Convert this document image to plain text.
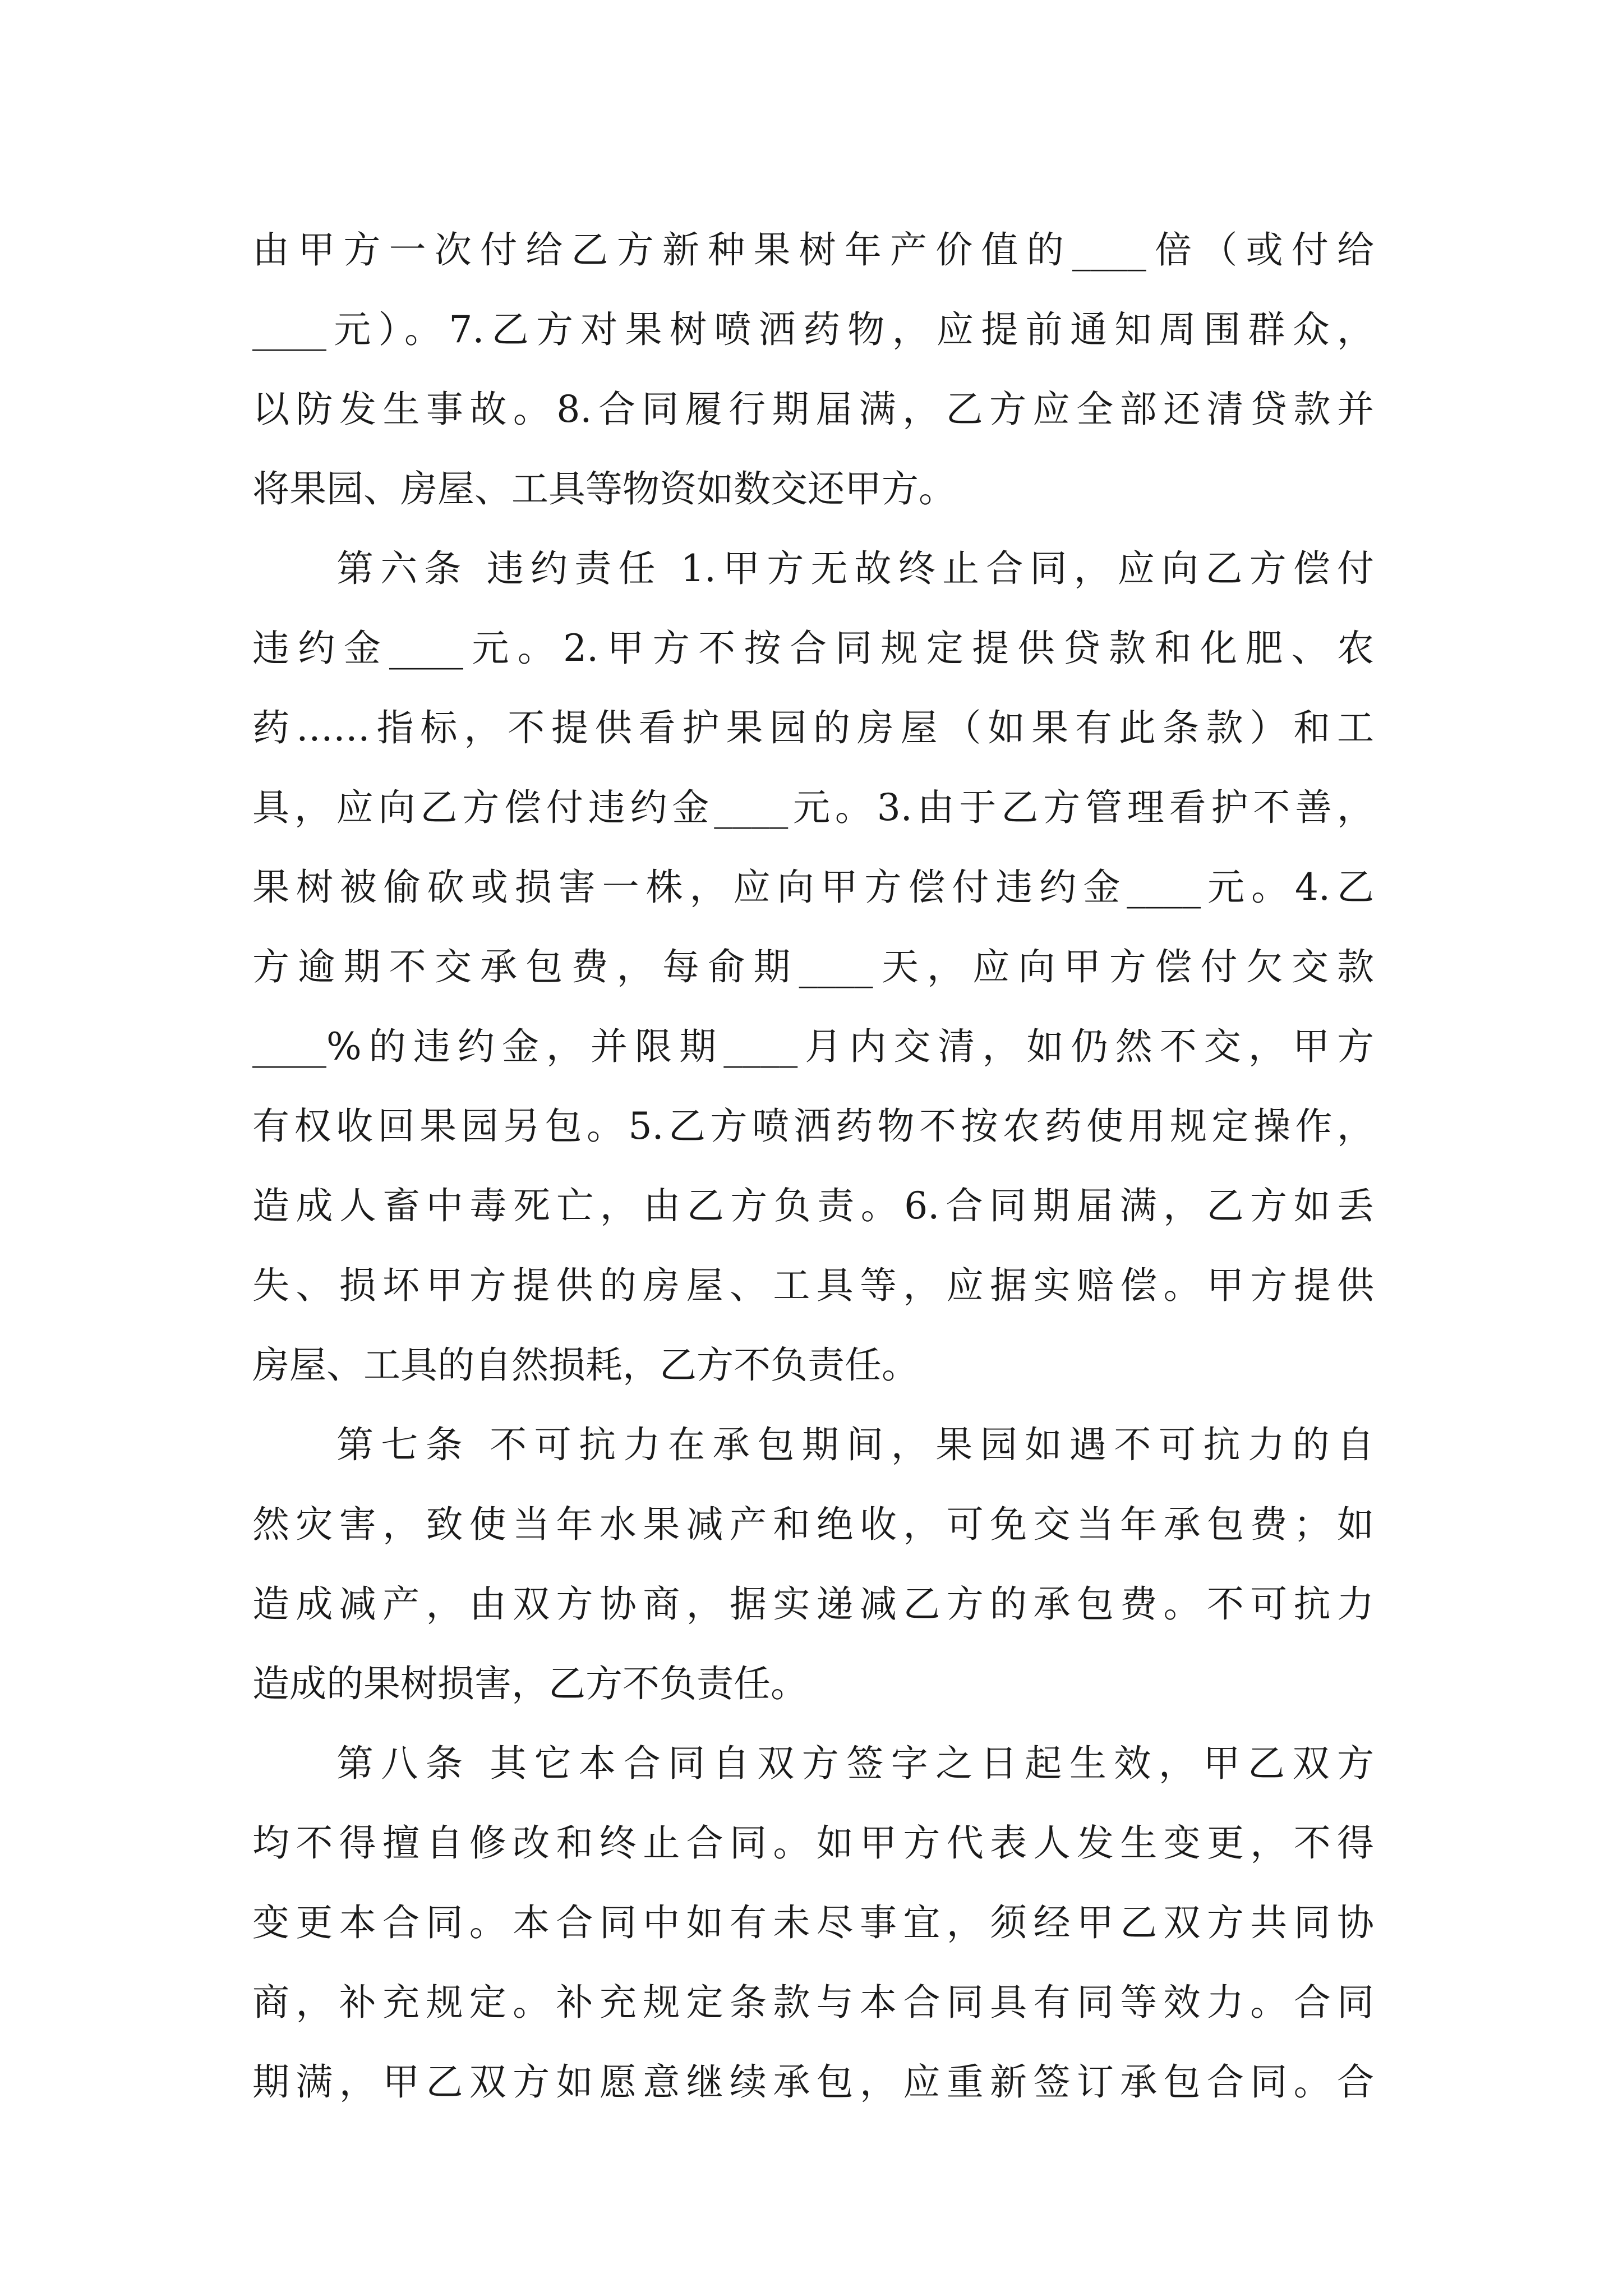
由甲方一次付给乙方新种果树年产价值的____倍（或付给
____元）。7.乙方对果树喷洒药物，应提前通知周围群众，
以防发生事故。8.合同履行期届满，乙方应全部还清贷款并
将果园、房屋、工具等物资如数交还甲方。
第六条 违约责任 1.甲方无故终止合同，应向乙方偿付
违约金____元。2.甲方不按合同规定提供贷款和化肥、农
药……指标，不提供看护果园的房屋（如果有此条款）和工
具，应向乙方偿付违约金____元。3.由于乙方管理看护不善，
果树被偷砍或损害一株，应向甲方偿付违约金____元。4.乙
方逾期不交承包费，每俞期____天，应向甲方偿付欠交款
____%的违约金，并限期____月内交清，如仍然不交，甲方
有权收回果园另包。5.乙方喷洒药物不按农药使用规定操作，
造成人畜中毒死亡，由乙方负责。6.合同期届满，乙方如丢
失、损坏甲方提供的房屋、工具等，应据实赔偿。甲方提供
房屋、工具的自然损耗，乙方不负责任。
第七条 不可抗力在承包期间，果园如遇不可抗力的自
然灾害，致使当年水果减产和绝收，可免交当年承包费；如
造成减产，由双方协商，据实递减乙方的承包费。不可抗力
造成的果树损害，乙方不负责任。
第八条 其它本合同自双方签字之日起生效，甲乙双方
均不得擅自修改和终止合同。如甲方代表人发生变更，不得
变更本合同。本合同中如有未尽事宜，须经甲乙双方共同协
商，补充规定。补充规定条款与本合同具有同等效力。合同
期满，甲乙双方如愿意继续承包，应重新签订承包合同。合
